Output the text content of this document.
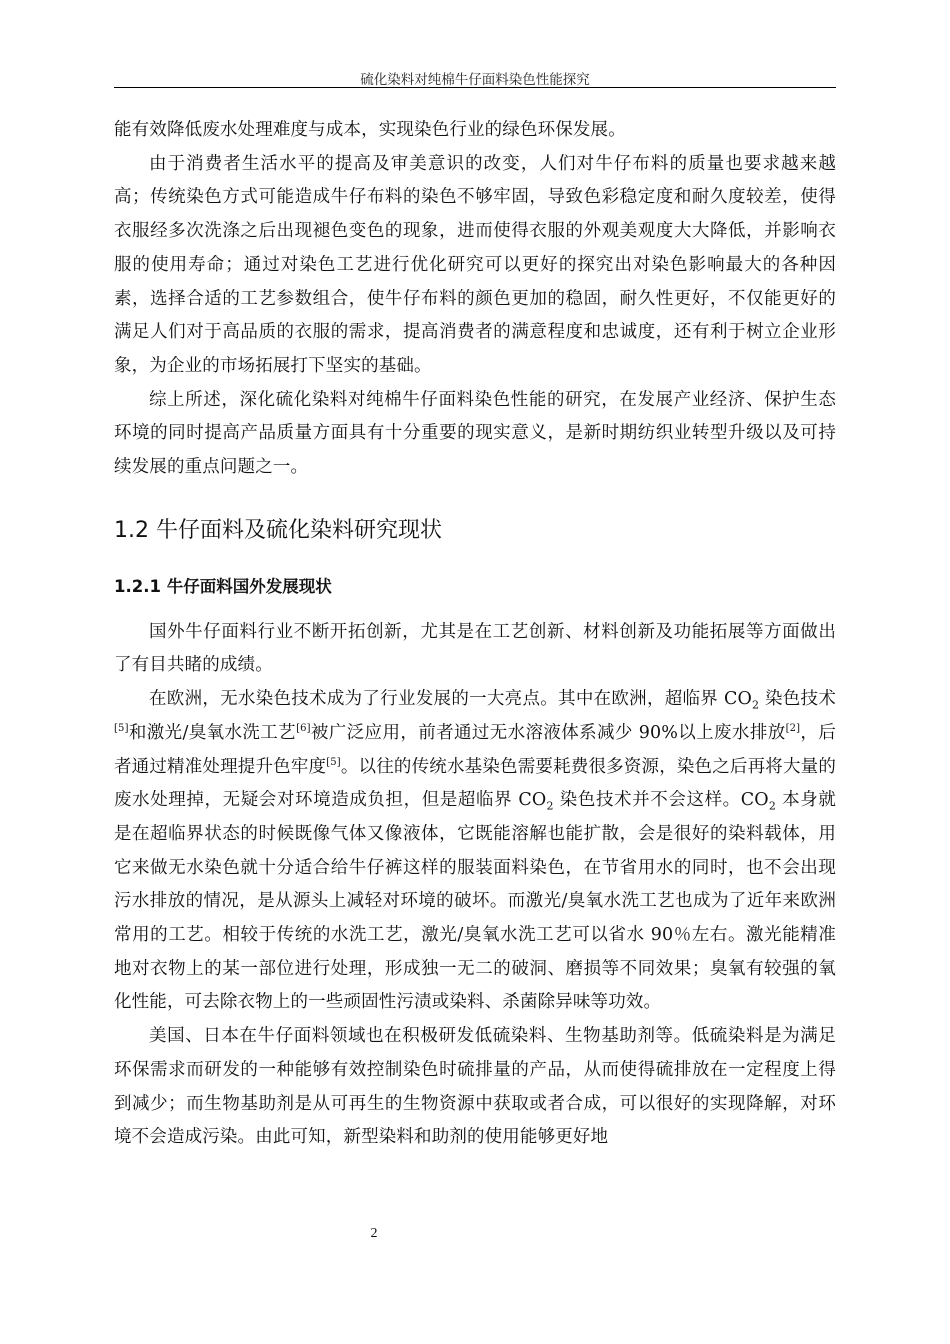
硫化染料对纯棉牛仔面料染色性能探究

能有效降低废水处理难度与成本，实现染色行业的绿色环保发展。

由于消费者生活水平的提高及审美意识的改变，人们对牛仔布料的质量也要求越来越高；传统染色方式可能造成牛仔布料的染色不够牢固，导致色彩稳定度和耐久度较差，使得衣服经多次洗涤之后出现褪色变色的现象，进而使得衣服的外观美观度大大降低，并影响衣服的使用寿命；通过对染色工艺进行优化研究可以更好的探究出对染色影响最大的各种因素，选择合适的工艺参数组合，使牛仔布料的颜色更加的稳固，耐久性更好，不仅能更好的满足人们对于高品质的衣服的需求，提高消费者的满意程度和忠诚度，还有利于树立企业形象，为企业的市场拓展打下坚实的基础。

综上所述，深化硫化染料对纯棉牛仔面料染色性能的研究，在发展产业经济、保护生态环境的同时提高产品质量方面具有十分重要的现实意义，是新时期纺织业转型升级以及可持续发展的重点问题之一。

1.2 牛仔面料及硫化染料研究现状
1.2.1 牛仔面料国外发展现状

国外牛仔面料行业不断开拓创新，尤其是在工艺创新、材料创新及功能拓展等方面做出了有目共睹的成绩。

在欧洲，无水染色技术成为了行业发展的一大亮点。其中在欧洲，超临界 $CO_2$ 染色技术[5]和激光/臭氧水洗工艺[6]被广泛应用，前者通过无水溶液体系减少 90%以上废水排放[2]，后者通过精准处理提升色牢度[5]。以往的传统水基染色需要耗费很多资源，染色之后再将大量的废水处理掉，无疑会对环境造成负担，但是超临界 $CO_2$ 染色技术并不会这样。$CO_2$ 本身就是在超临界状态的时候既像气体又像液体，它既能溶解也能扩散，会是很好的染料载体，用它来做无水染色就十分适合给牛仔裤这样的服装面料染色，在节省用水的同时，也不会出现污水排放的情况，是从源头上减轻对环境的破坏。而激光/臭氧水洗工艺也成为了近年来欧洲常用的工艺。相较于传统的水洗工艺，激光/臭氧水洗工艺可以省水 90％左右。激光能精准地对衣物上的某一部位进行处理，形成独一无二的破洞、磨损等不同效果；臭氧有较强的氧化性能，可去除衣物上的一些顽固性污渍或染料、杀菌除异味等功效。

美国、日本在牛仔面料领域也在积极研发低硫染料、生物基助剂等。低硫染料是为满足环保需求而研发的一种能够有效控制染色时硫排量的产品，从而使得硫排放在一定程度上得到减少；而生物基助剂是从可再生的生物资源中获取或者合成，可以很好的实现降解，对环境不会造成污染。由此可知，新型染料和助剂的使用能够更好地

2
